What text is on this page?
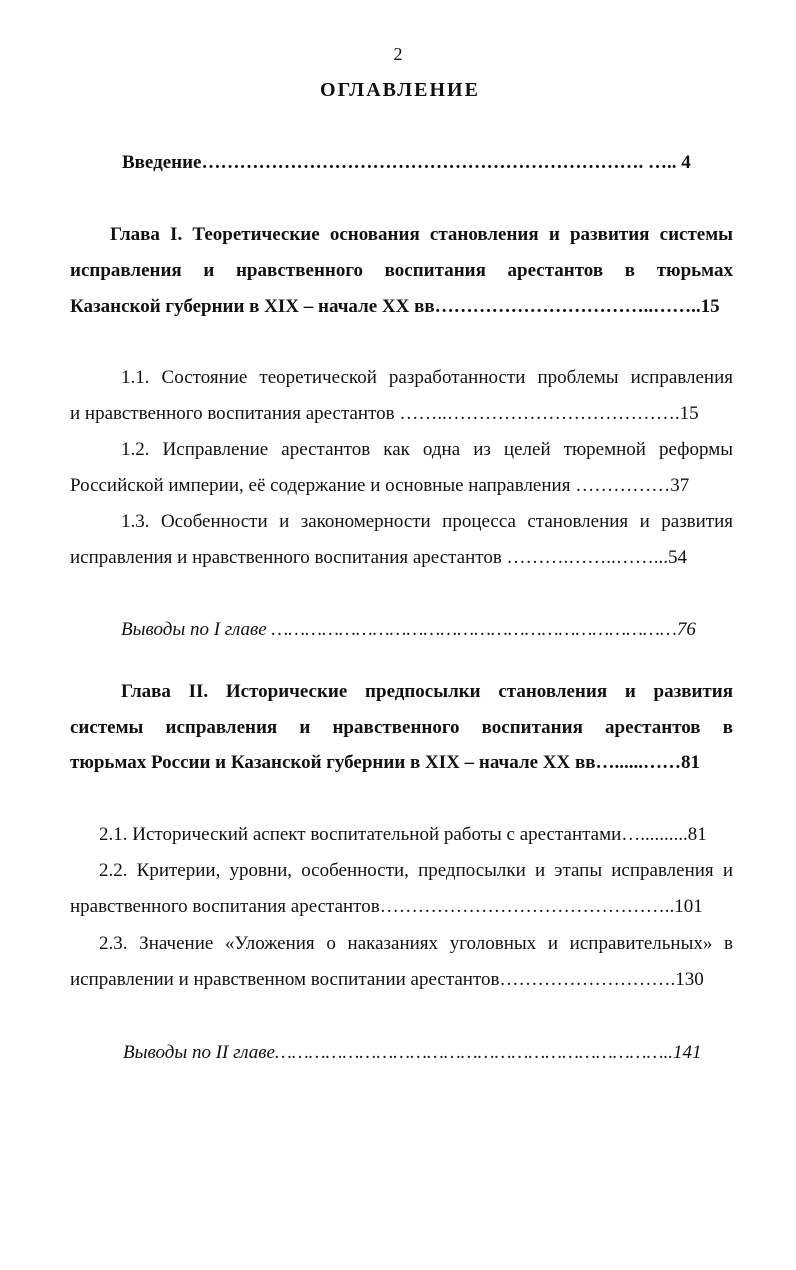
2
ОГЛАВЛЕНИЕ
Введение……………………………………………………………. ….. 4
Глава I. Теоретические основания становления и развития системы
исправления и нравственного воспитания арестантов в тюрьмах
Казанской губернии в XIX – начале XX вв……………………………..……..15
1.1. Состояние теоретической разработанности проблемы исправления
и нравственного воспитания арестантов ……..……………………………….15
1.2. Исправление арестантов как одна из целей тюремной реформы
Российской империи, её содержание и основные направления ……………37
1.3. Особенности и закономерности процесса становления и развития
исправления и нравственного воспитания арестантов ……….……..……...54
Выводы по I главе ………………………………………………………………76
Глава II. Исторические предпосылки становления и развития
системы исправления и нравственного воспитания арестантов в
тюрьмах России и Казанской губернии в XIX – начале XX вв…......……81
2.1. Исторический аспект воспитательной работы с арестантами…..........81
2.2. Критерии, уровни, особенности, предпосылки и этапы исправления и
нравственного воспитания арестантов………………………………………..101
2.3. Значение «Уложения о наказаниях уголовных и исправительных» в
исправлении и нравственном воспитании арестантов……………………….130
Выводы по II главе……………………………………………………………..141
